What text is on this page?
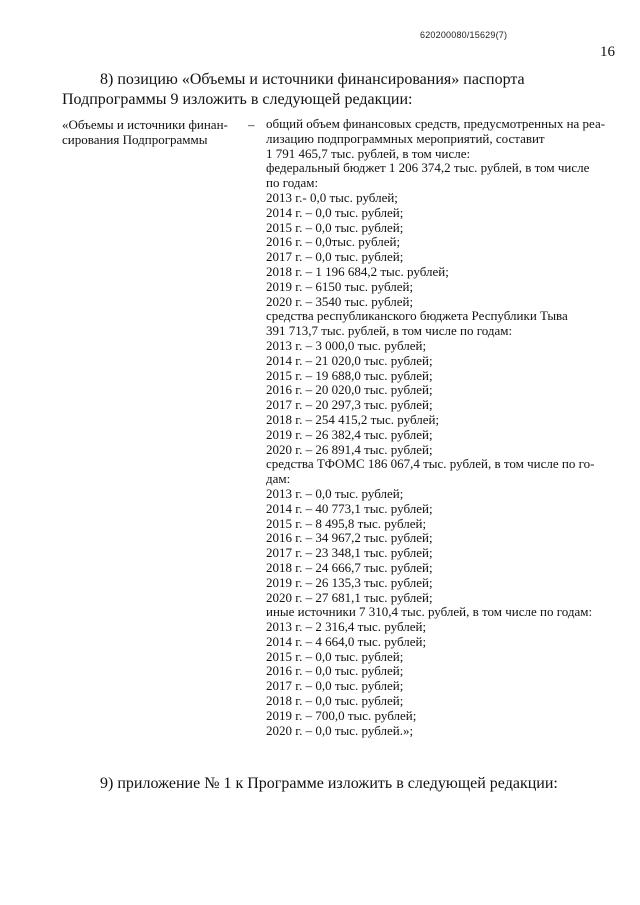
620200080/15629(7)
16
8) позицию «Объемы и источники финансирования» паспорта Подпрограммы 9 изложить в следующей редакции:
«Объемы и источники финан-
сирования Подпрограммы
– общий объем финансовых средств, предусмотренных на реа-
лизацию подпрограммных мероприятий, составит
1 791 465,7 тыс. рублей, в том числе:
федеральный бюджет 1 206 374,2 тыс. рублей, в том числе
по годам:
2013 г.- 0,0 тыс. рублей;
2014 г. – 0,0 тыс. рублей;
2015 г. – 0,0 тыс. рублей;
2016 г. – 0,0тыс. рублей;
2017 г. – 0,0 тыс. рублей;
2018 г. – 1 196 684,2 тыс. рублей;
2019 г. – 6150 тыс. рублей;
2020 г. – 3540 тыс. рублей;
средства республиканского бюджета Республики Тыва
391 713,7 тыс. рублей, в том числе по годам:
2013 г. – 3 000,0 тыс. рублей;
2014 г. – 21 020,0 тыс. рублей;
2015 г. – 19 688,0 тыс. рублей;
2016 г. – 20 020,0 тыс. рублей;
2017 г. – 20 297,3 тыс. рублей;
2018 г. – 254 415,2 тыс. рублей;
2019 г. – 26 382,4 тыс. рублей;
2020 г. – 26 891,4 тыс. рублей;
средства ТФОМС 186 067,4 тыс. рублей, в том числе по го-
дам:
2013 г. – 0,0 тыс. рублей;
2014 г. – 40 773,1 тыс. рублей;
2015 г. – 8 495,8 тыс. рублей;
2016 г. – 34 967,2 тыс. рублей;
2017 г. – 23 348,1 тыс. рублей;
2018 г. – 24 666,7 тыс. рублей;
2019 г. – 26 135,3 тыс. рублей;
2020 г. – 27 681,1 тыс. рублей;
иные источники 7 310,4 тыс. рублей, в том числе по годам:
2013 г. – 2 316,4 тыс. рублей;
2014 г. – 4 664,0 тыс. рублей;
2015 г. – 0,0 тыс. рублей;
2016 г. – 0,0 тыс. рублей;
2017 г. – 0,0 тыс. рублей;
2018 г. – 0,0 тыс. рублей;
2019 г. – 700,0 тыс. рублей;
2020 г. – 0,0 тыс. рублей.»;
9) приложение № 1 к Программе изложить в следующей редакции:
